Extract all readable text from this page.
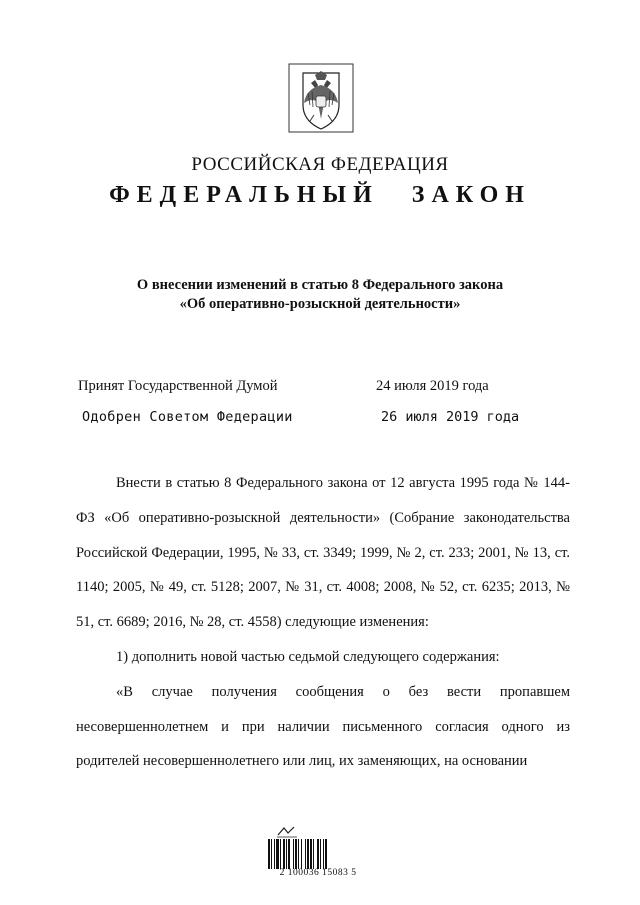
РОССИЙСКАЯ ФЕДЕРАЦИЯ
ФЕДЕРАЛЬНЫЙ ЗАКОН
О внесении изменений в статью 8 Федерального закона
«Об оперативно-розыскной деятельности»
Принят Государственной Думой	24 июля 2019 года
Одобрен Советом Федерации	26 июля 2019 года

Внести в статью 8 Федерального закона от 12 августа 1995 года № 144-ФЗ «Об оперативно-розыскной деятельности» (Собрание законодательства Российской Федерации, 1995, № 33, ст. 3349; 1999, № 2, ст. 233; 2001, № 13, ст. 1140; 2005, № 49, ст. 5128; 2007, № 31, ст. 4008; 2008, № 52, ст. 6235; 2013, № 51, ст. 6689; 2016, № 28, ст. 4558) следующие изменения:

1) дополнить новой частью седьмой следующего содержания:

«В случае получения сообщения о без вести пропавшем несовершеннолетнем и при наличии письменного согласия одного из родителей несовершеннолетнего или лиц, их заменяющих, на основании

2 100036 15083 5
